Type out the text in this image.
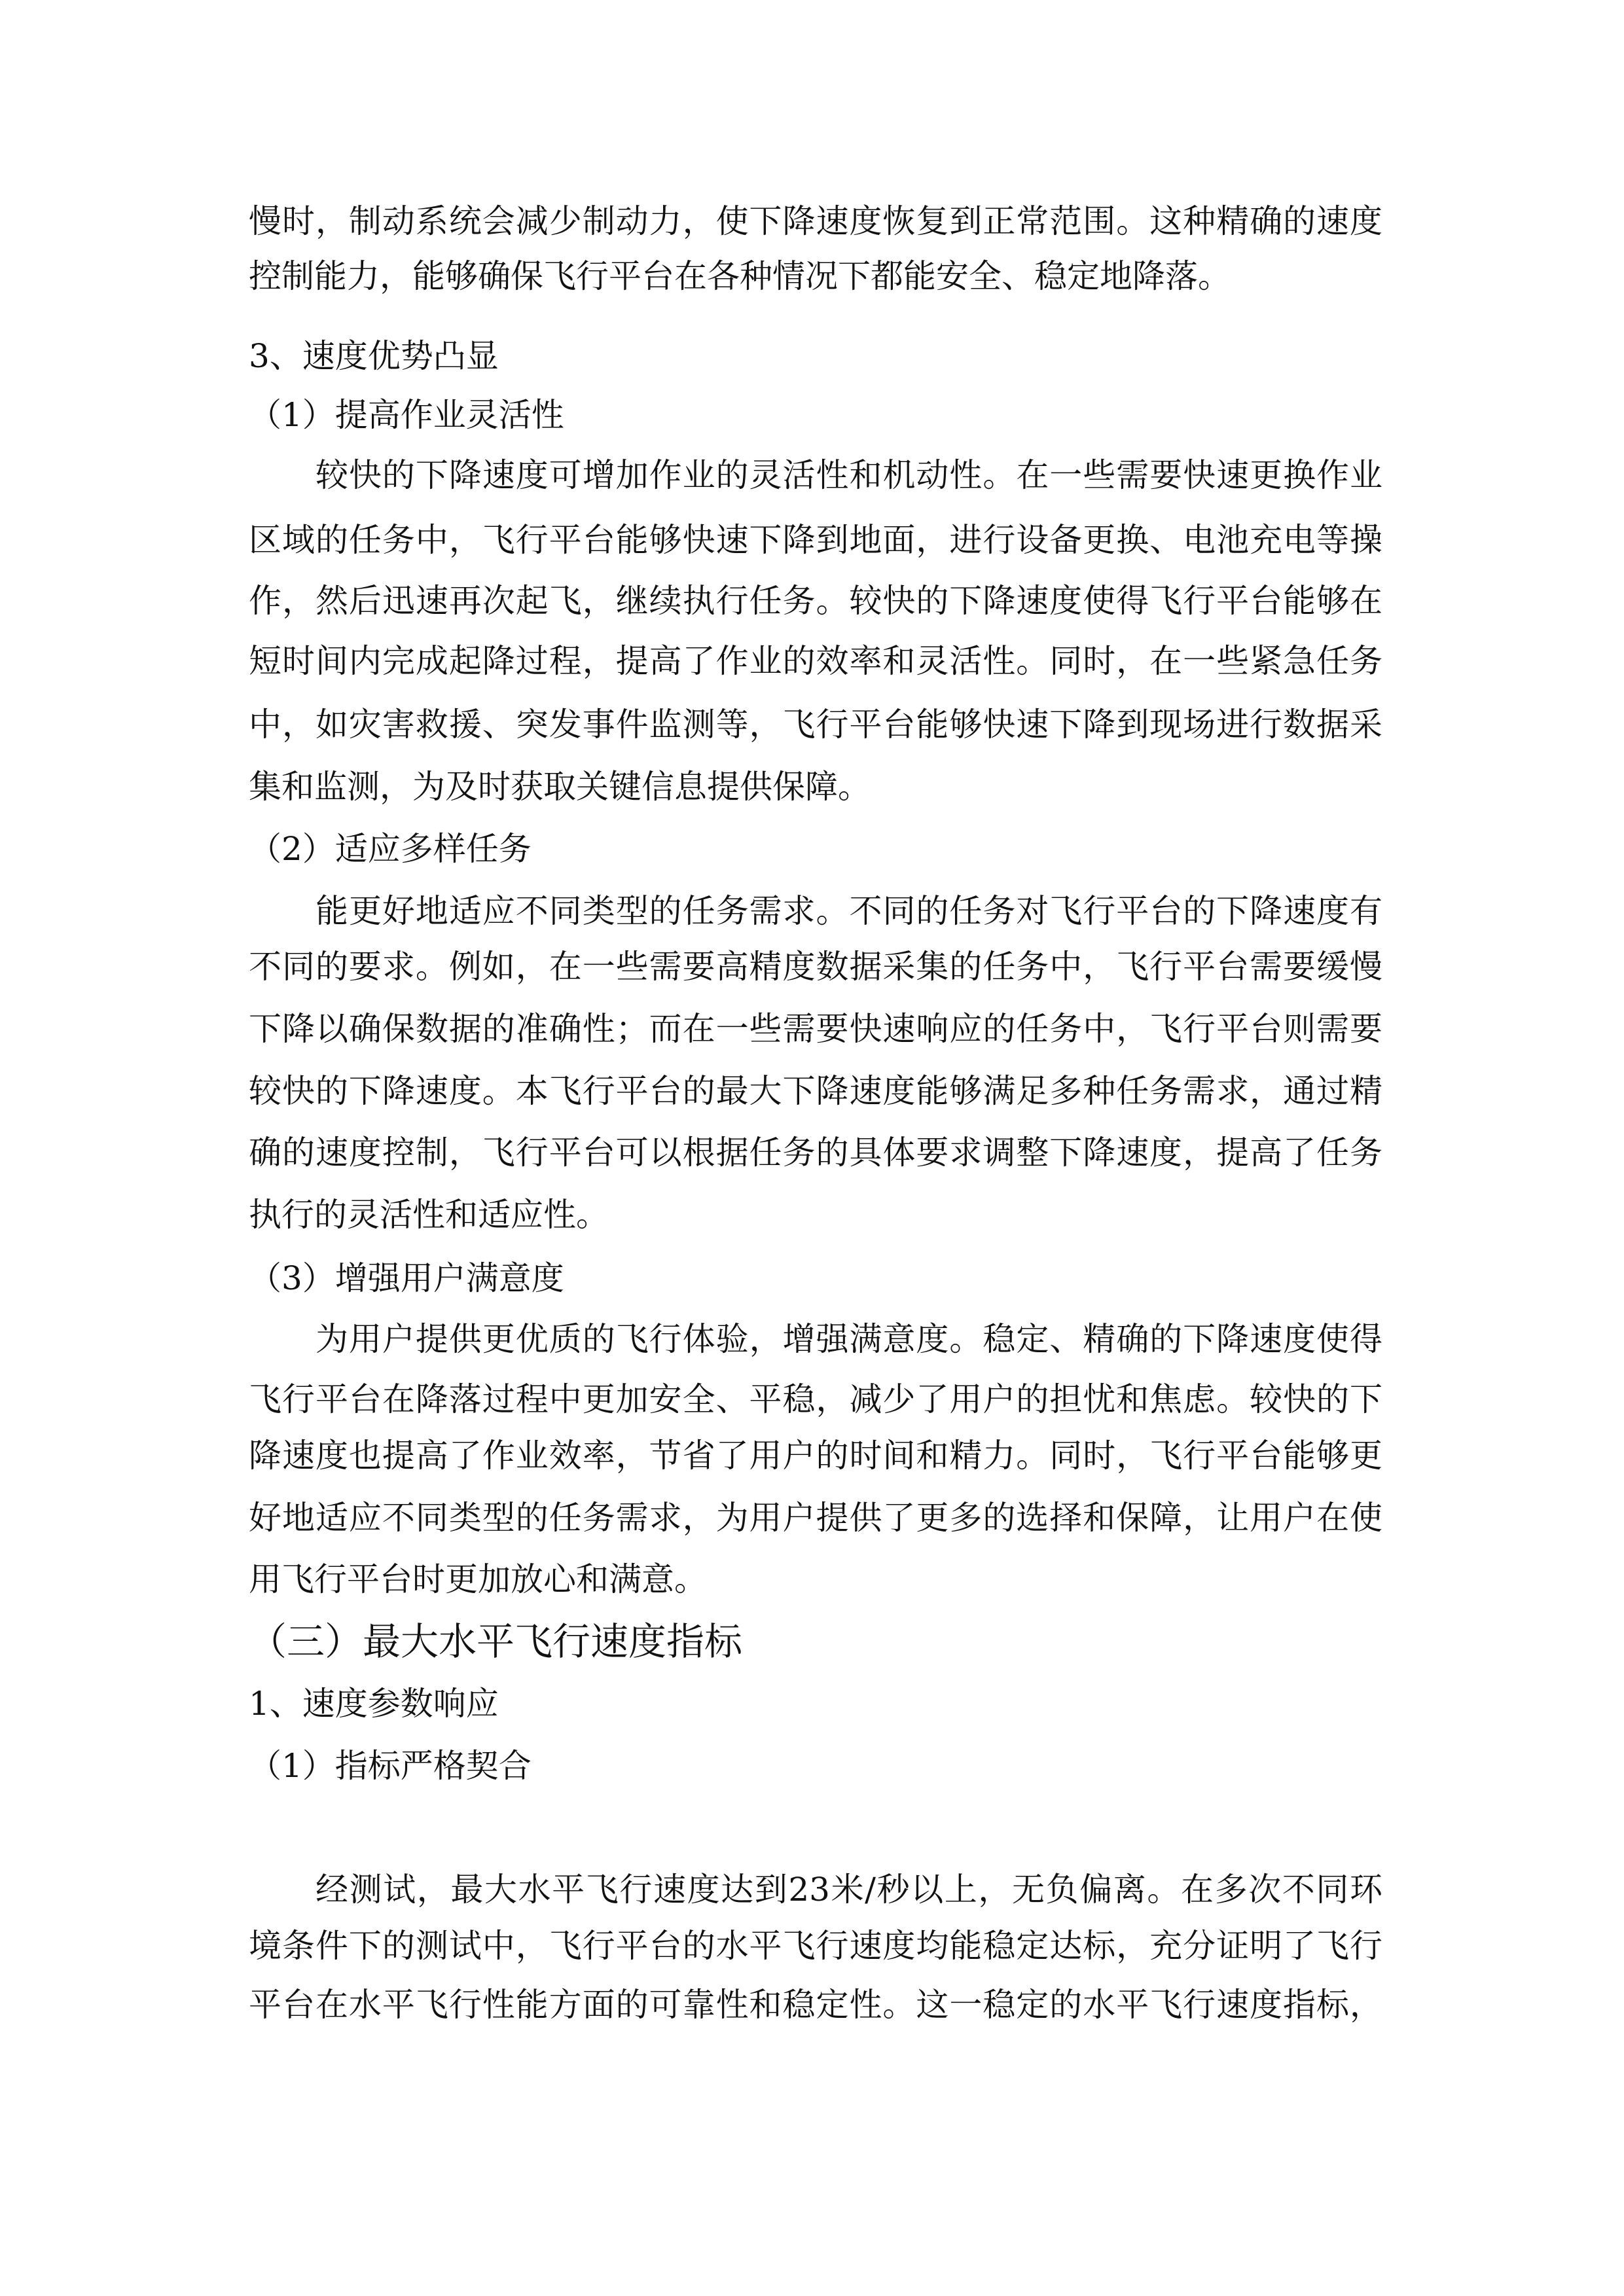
慢时，制动系统会减少制动力，使下降速度恢复到正常范围。这种精确的速度
控制能力，能够确保飞行平台在各种情况下都能安全、稳定地降落。
3、速度优势凸显
（1）提高作业灵活性
较快的下降速度可增加作业的灵活性和机动性。在一些需要快速更换作业
区域的任务中，飞行平台能够快速下降到地面，进行设备更换、电池充电等操
作，然后迅速再次起飞，继续执行任务。较快的下降速度使得飞行平台能够在
短时间内完成起降过程，提高了作业的效率和灵活性。同时，在一些紧急任务
中，如灾害救援、突发事件监测等，飞行平台能够快速下降到现场进行数据采
集和监测，为及时获取关键信息提供保障。
（2）适应多样任务
能更好地适应不同类型的任务需求。不同的任务对飞行平台的下降速度有
不同的要求。例如，在一些需要高精度数据采集的任务中，飞行平台需要缓慢
下降以确保数据的准确性；而在一些需要快速响应的任务中，飞行平台则需要
较快的下降速度。本飞行平台的最大下降速度能够满足多种任务需求，通过精
确的速度控制，飞行平台可以根据任务的具体要求调整下降速度，提高了任务
执行的灵活性和适应性。
（3）增强用户满意度
为用户提供更优质的飞行体验，增强满意度。稳定、精确的下降速度使得
飞行平台在降落过程中更加安全、平稳，减少了用户的担忧和焦虑。较快的下
降速度也提高了作业效率，节省了用户的时间和精力。同时，飞行平台能够更
好地适应不同类型的任务需求，为用户提供了更多的选择和保障，让用户在使
用飞行平台时更加放心和满意。
（三）最大水平飞行速度指标
1、速度参数响应
（1）指标严格契合
经测试，最大水平飞行速度达到23米/秒以上，无负偏离。在多次不同环
境条件下的测试中，飞行平台的水平飞行速度均能稳定达标，充分证明了飞行
平台在水平飞行性能方面的可靠性和稳定性。这一稳定的水平飞行速度指标，
